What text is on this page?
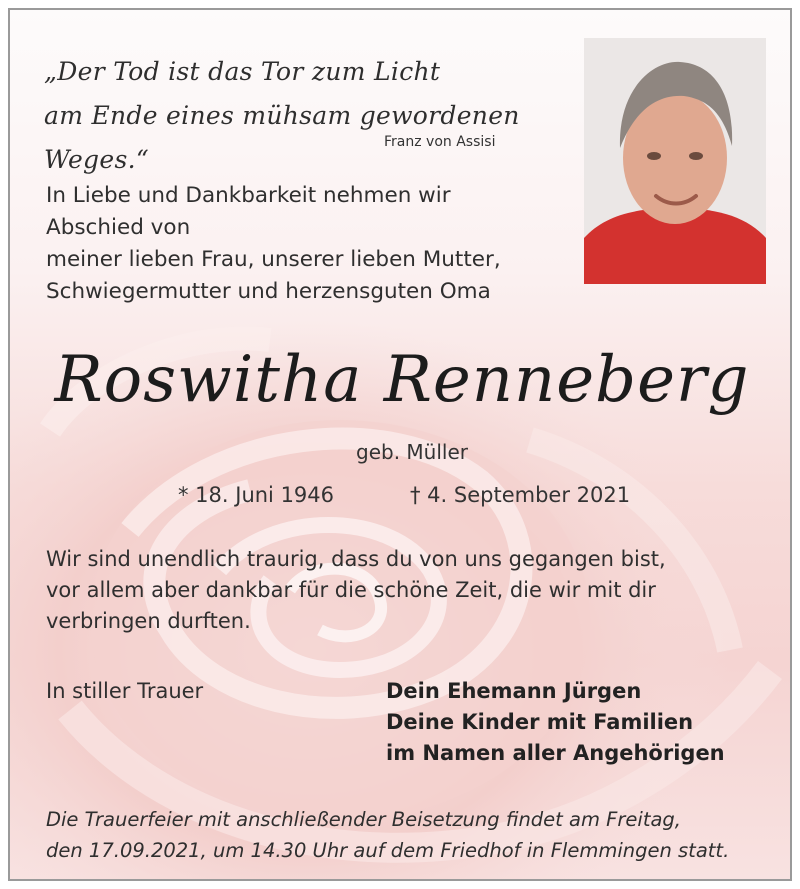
„Der Tod ist das Tor zum Licht
am Ende eines mühsam gewordenen Weges.“
Franz von Assisi
In Liebe und Dankbarkeit nehmen wir
Abschied von
meiner lieben Frau, unserer lieben Mutter,
Schwiegermutter und herzensguten Oma
Roswitha Renneberg
geb. Müller
* 18. Juni 1946	† 4. September 2021
Wir sind unendlich traurig, dass du von uns gegangen bist,
vor allem aber dankbar für die schöne Zeit, die wir mit dir
verbringen durften.
In stiller Trauer	Dein Ehemann Jürgen
Deine Kinder mit Familien
im Namen aller Angehörigen
Die Trauerfeier mit anschließender Beisetzung findet am Freitag,
den 17.09.2021, um 14.30 Uhr auf dem Friedhof in Flemmingen statt.
